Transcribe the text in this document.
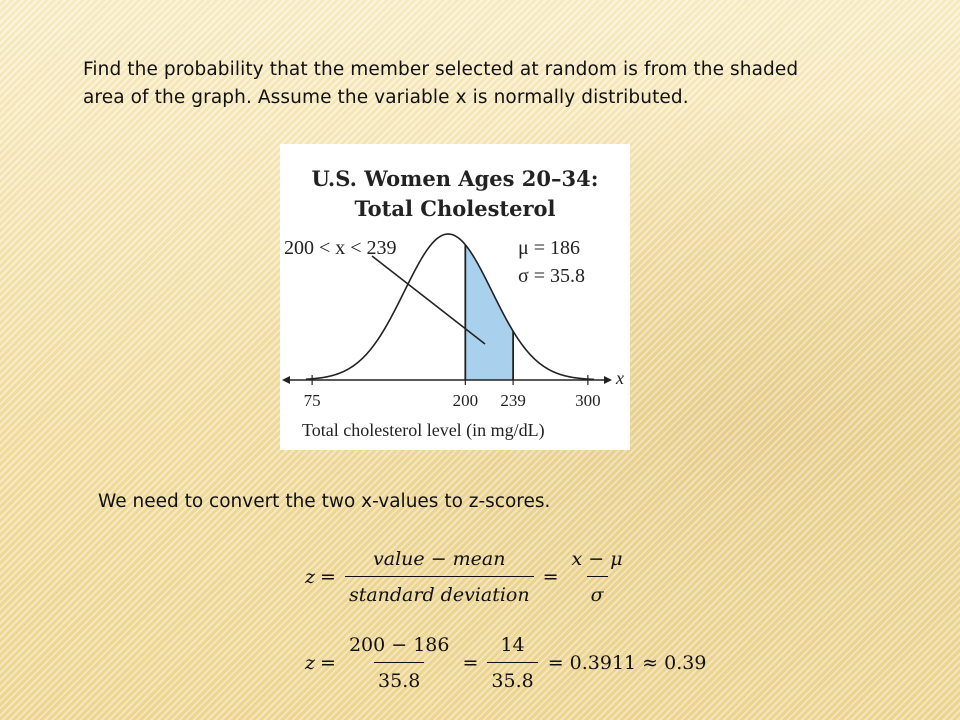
Find the probability that the member selected at random is from the shaded
area of the graph. Assume the variable x is normally distributed.
U.S. Women Ages 20–34:
Total Cholesterol
200 < x < 239	μ = 186
σ = 35.8
x
75	200 239	300
Total cholesterol level (in mg/dL)
We need to convert the two x-values to z-scores.
$z = \frac{\text{value − mean}}{\text{standard deviation}} = \frac{x - \mu}{\sigma}$
$z = \frac{200 - 186}{35.8} = \frac{14}{35.8} = 0.3911 \approx 0.39$
